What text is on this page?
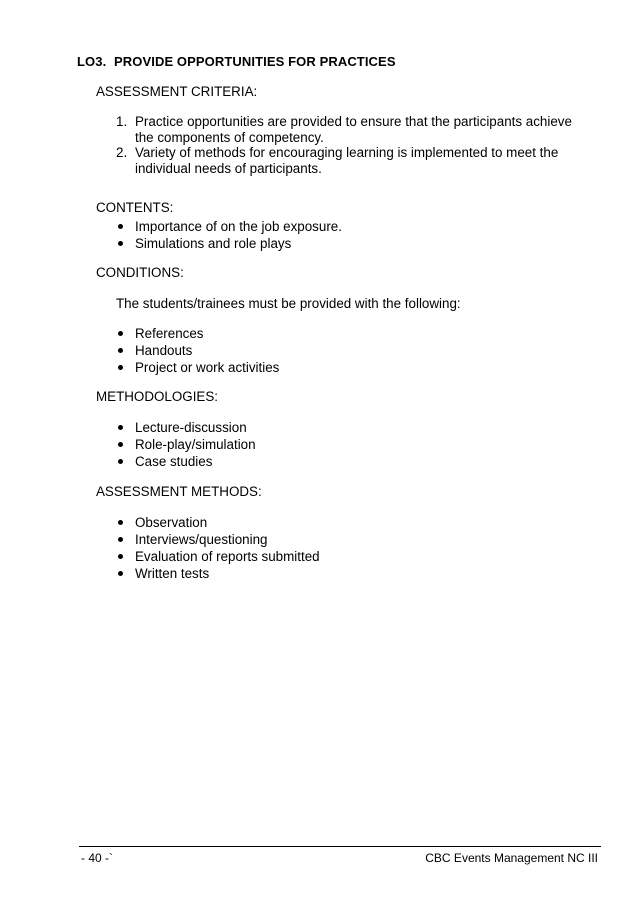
LO3. PROVIDE OPPORTUNITIES FOR PRACTICES
ASSESSMENT CRITERIA:
1. Practice opportunities are provided to ensure that the participants achieve the components of competency.
2. Variety of methods for encouraging learning is implemented to meet the individual needs of participants.
CONTENTS:
Importance of on the job exposure.
Simulations and role plays
CONDITIONS:
The students/trainees must be provided with the following:
References
Handouts
Project or work activities
METHODOLOGIES:
Lecture-discussion
Role-play/simulation
Case studies
ASSESSMENT METHODS:
Observation
Interviews/questioning
Evaluation of reports submitted
Written tests
- 40 -`	CBC Events Management NC III
